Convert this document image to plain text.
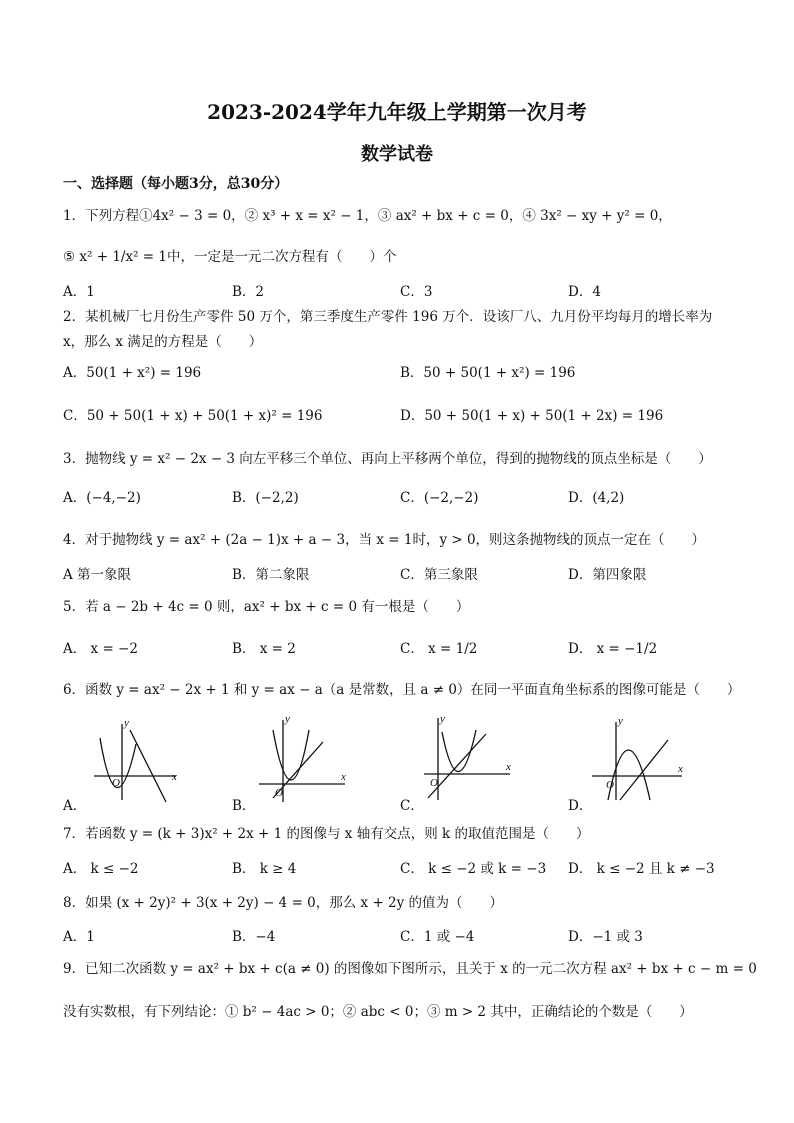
2023-2024学年九年级上学期第一次月考
数学试卷
一、选择题（每小题3分，总30分）
1．下列方程①4x² − 3 = 0，② x³ + x = x² − 1，③ ax² + bx + c = 0，④ 3x² − xy + y² = 0，
⑤ x² + 1/x² = 1中，一定是一元二次方程有（　　）个
A．1	B．2	C．3	D．4
2．某机械厂七月份生产零件 50 万个，第三季度生产零件 196 万个．设该厂八、九月份平均每月的增长率为
x，那么 x 满足的方程是（　　）
A．50(1 + x²) = 196	B．50 + 50(1 + x²) = 196
C．50 + 50(1 + x) + 50(1 + x)² = 196	D．50 + 50(1 + x) + 50(1 + 2x) = 196
3．抛物线 y = x² − 2x − 3 向左平移三个单位、再向上平移两个单位，得到的抛物线的顶点坐标是（　　）
A．(−4,−2)	B．(−2,2)	C．(−2,−2)	D．(4,2)
4．对于抛物线 y = ax² + (2a − 1)x + a − 3，当 x = 1时，y > 0，则这条抛物线的顶点一定在（　　）
A 第一象限	B．第二象限	C．第三象限	D．第四象限
5．若 a − 2b + 4c = 0 则，ax² + bx + c = 0 有一根是（　　）
A． x = −2	B． x = 2	C． x = 1/2	D． x = −1/2
6．函数 y = ax² − 2x + 1 和 y = ax − a（a 是常数，且 a ≠ 0）在同一平面直角坐标系的图像可能是（　　）
y
x
O
y
x
O
y
x
O
y
x
O
A．	B．	C．	D．
7．若函数 y = (k + 3)x² + 2x + 1 的图像与 x 轴有交点，则 k 的取值范围是（　　）
A． k ≤ −2	B． k ≥ 4	C． k ≤ −2 或 k = −3 D． k ≤ −2 且 k ≠ −3
8．如果 (x + 2y)² + 3(x + 2y) − 4 = 0，那么 x + 2y 的值为（　　）
A．1	B．−4	C．1 或 −4	D．−1 或 3
9．已知二次函数 y = ax² + bx + c(a ≠ 0) 的图像如下图所示，且关于 x 的一元二次方程 ax² + bx + c − m = 0
没有实数根，有下列结论：① b² − 4ac > 0；② abc < 0；③ m > 2 其中，正确结论的个数是（　　）
